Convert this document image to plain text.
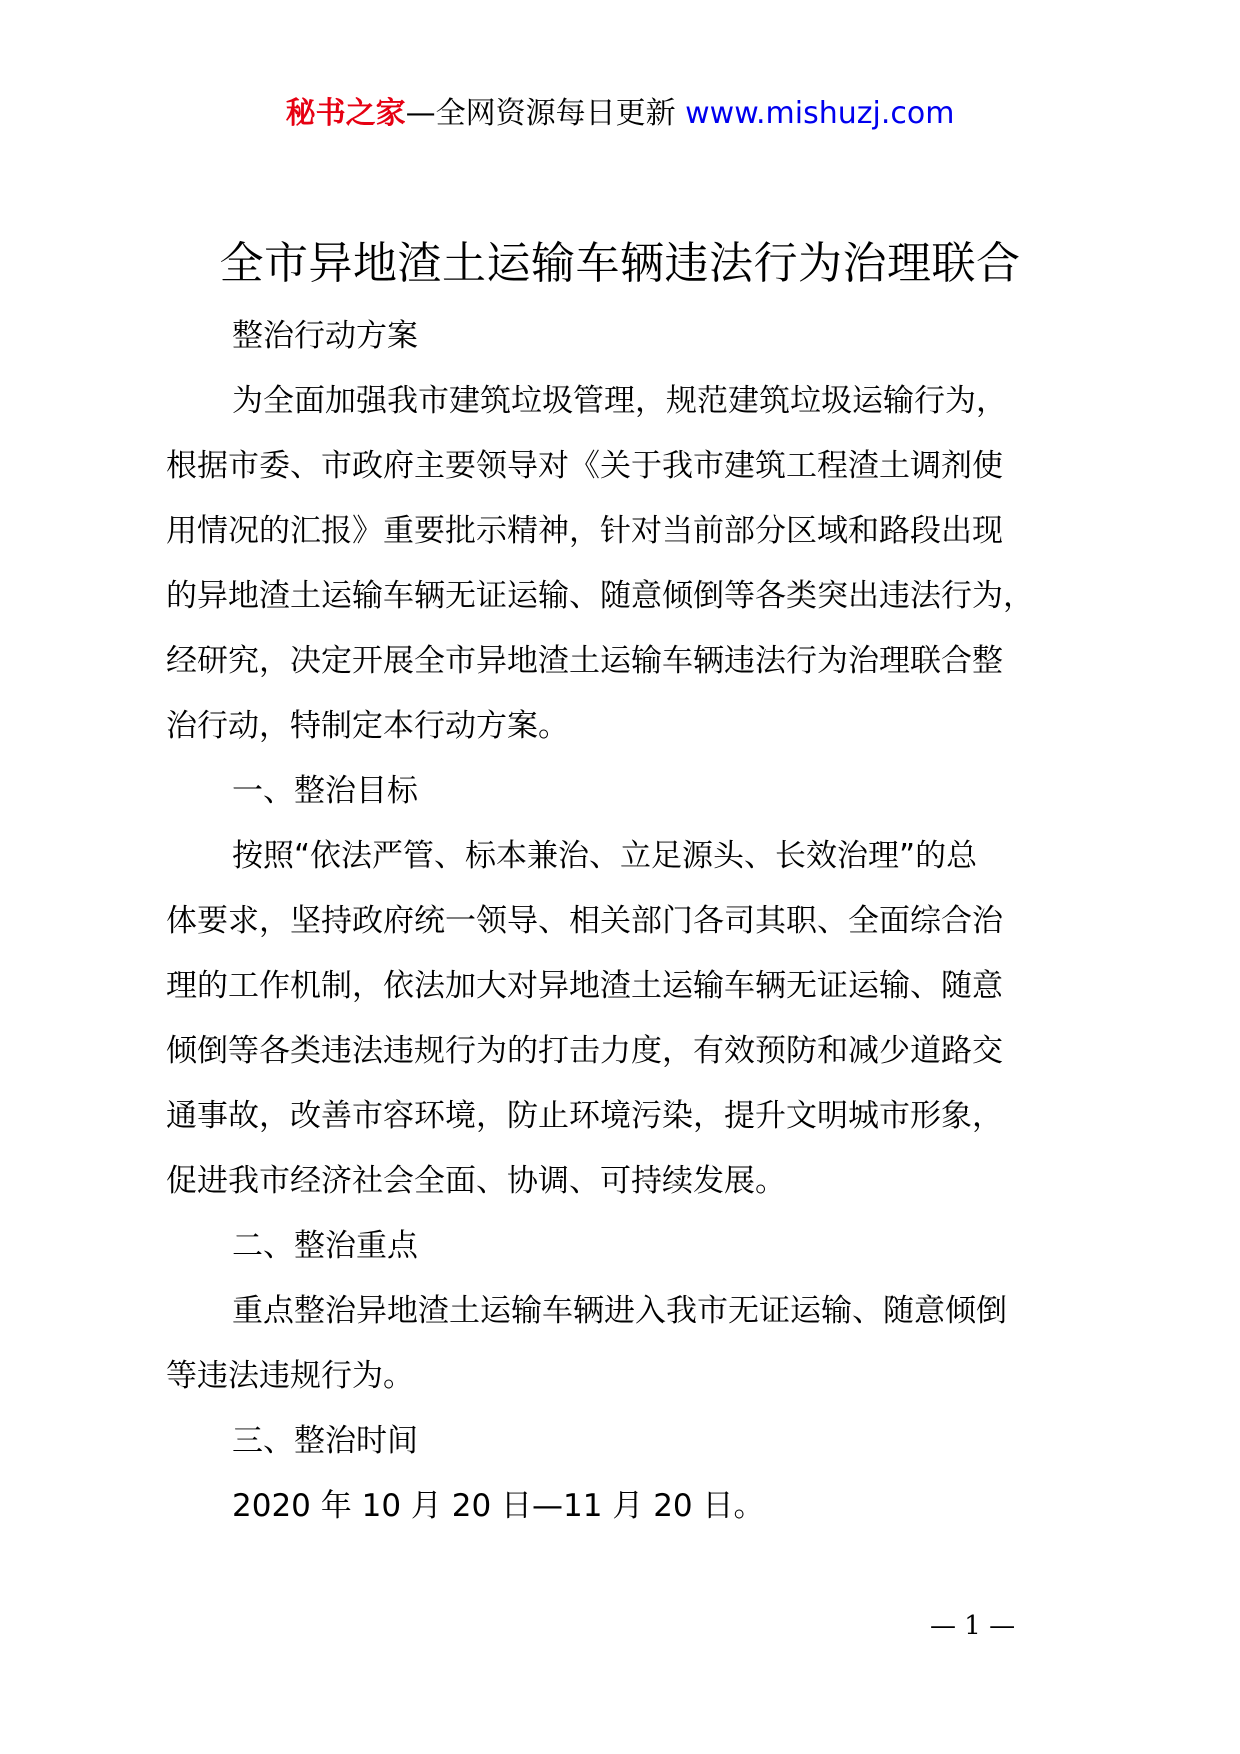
秘书之家—全网资源每日更新 www.mishuzj.com
全市异地渣土运输车辆违法行为治理联合
整治行动方案
为全面加强我市建筑垃圾管理，规范建筑垃圾运输行为，
根据市委、市政府主要领导对《关于我市建筑工程渣土调剂使
用情况的汇报》重要批示精神，针对当前部分区域和路段出现
的异地渣土运输车辆无证运输、随意倾倒等各类突出违法行为，
经研究，决定开展全市异地渣土运输车辆违法行为治理联合整
治行动，特制定本行动方案。
一、整治目标
按照“依法严管、标本兼治、立足源头、长效治理”的总
体要求，坚持政府统一领导、相关部门各司其职、全面综合治
理的工作机制，依法加大对异地渣土运输车辆无证运输、随意
倾倒等各类违法违规行为的打击力度，有效预防和减少道路交
通事故，改善市容环境，防止环境污染，提升文明城市形象，
促进我市经济社会全面、协调、可持续发展。
二、整治重点
重点整治异地渣土运输车辆进入我市无证运输、随意倾倒
等违法违规行为。
三、整治时间
2020 年 10 月 20 日—11 月 20 日。
— 1 —
